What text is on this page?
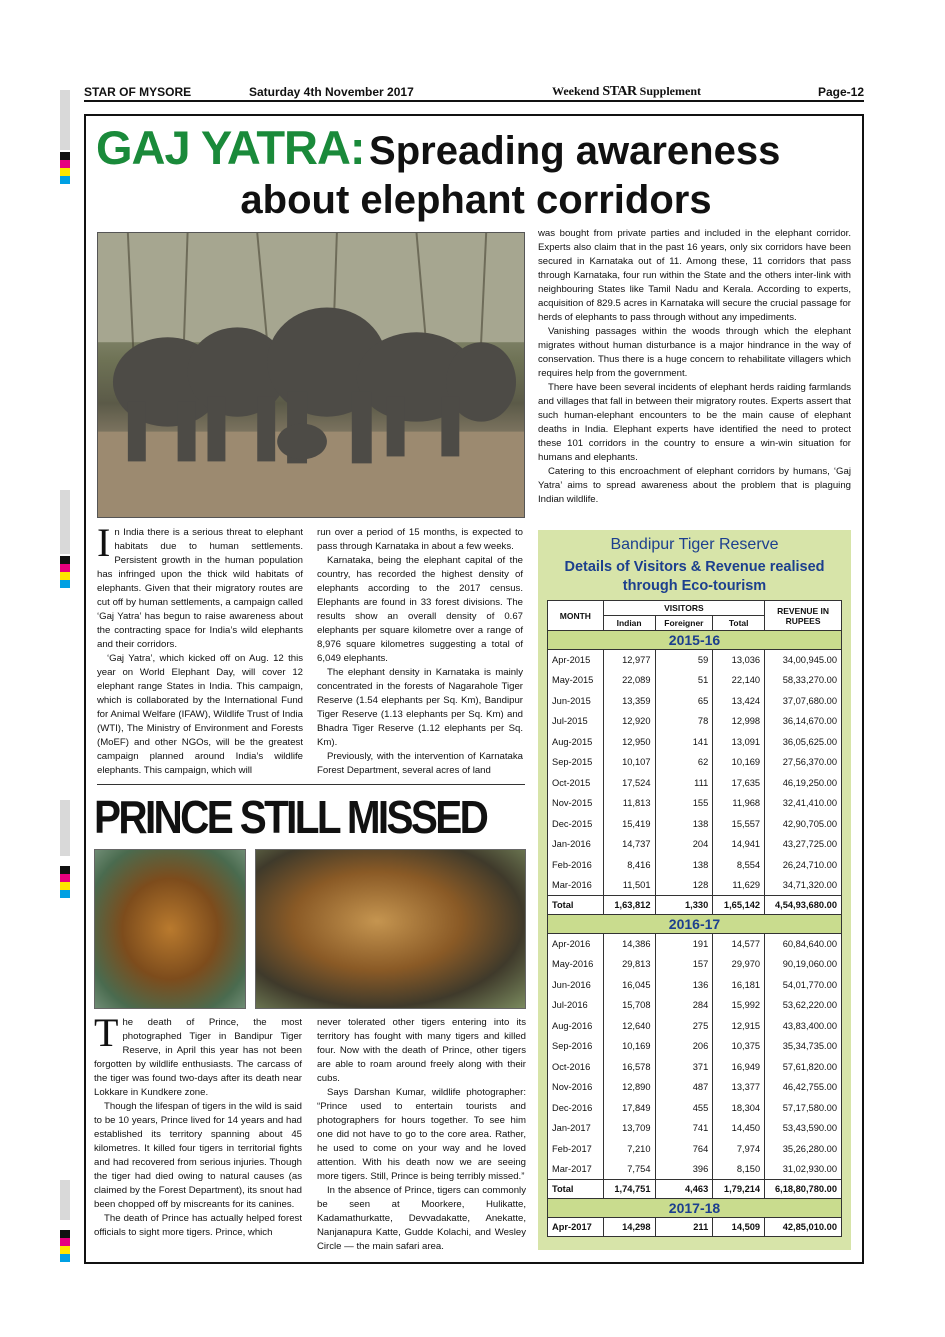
STAR OF MYSORE	Saturday 4th November 2017	Weekend STAR Supplement	Page-12
GAJ YATRA: Spreading awareness
about elephant corridors

In India there is a serious threat to elephant habitats due to human settlements. Persistent growth in the human population has infringed upon the thick wild habitats of elephants. Given that their migratory routes are cut off by human settlements, a campaign called ‘Gaj Yatra’ has begun to raise awareness about the contracting space for India’s wild elephants and their corridors.

‘Gaj Yatra’, which kicked off on Aug. 12 this year on World Elephant Day, will cover 12 elephant range States in India. This campaign, which is collaborated by the International Fund for Animal Welfare (IFAW), Wildlife Trust of India (WTI), The Ministry of Environment and Forests (MoEF) and other NGOs, will be the greatest campaign planned around India’s wildlife elephants. This campaign, which will

run over a period of 15 months, is expected to pass through Karnataka in about a few weeks.

Karnataka, being the elephant capital of the country, has recorded the highest density of elephants according to the 2017 census. Elephants are found in 33 forest divisions. The results show an overall density of 0.67 elephants per square kilometre over a range of 8,976 square kilometres suggesting a total of 6,049 elephants.

The elephant density in Karnataka is mainly concentrated in the forests of Nagarahole Tiger Reserve (1.54 elephants per Sq. Km), Bandipur Tiger Reserve (1.13 elephants per Sq. Km) and Bhadra Tiger Reserve (1.12 elephants per Sq. Km).

Previously, with the intervention of Karnataka Forest Department, several acres of land

was bought from private parties and included in the elephant corridor. Experts also claim that in the past 16 years, only six corridors have been secured in Karnataka out of 11. Among these, 11 corridors that pass through Karnataka, four run within the State and the others inter-link with neighbouring States like Tamil Nadu and Kerala. According to experts, acquisition of 829.5 acres in Karnataka will secure the crucial passage for herds of elephants to pass through without any impediments.

Vanishing passages within the woods through which the elephant migrates without human disturbance is a major hindrance in the way of conservation. Thus there is a huge concern to rehabilitate villagers which requires help from the government.

There have been several incidents of elephant herds raiding farmlands and villages that fall in between their migratory routes. Experts assert that such human-elephant encounters to be the main cause of elephant deaths in India. Elephant experts have identified the need to protect these 101 corridors in the country to ensure a win-win situation for humans and elephants.

Catering to this encroachment of elephant corridors by humans, ‘Gaj Yatra’ aims to spread awareness about the problem that is plaguing Indian wildlife.

PRINCE STILL MISSED

The death of Prince, the most photographed Tiger in Bandipur Tiger Reserve, in April this year has not been forgotten by wildlife enthusiasts. The carcass of the tiger was found two-days after its death near Lokkare in Kundkere zone.

Though the lifespan of tigers in the wild is said to be 10 years, Prince lived for 14 years and had established its territory spanning about 45 kilometres. It killed four tigers in territorial fights and had recovered from serious injuries. Though the tiger had died owing to natural causes (as claimed by the Forest Department), its snout had been chopped off by miscreants for its canines.

The death of Prince has actually helped forest officials to sight more tigers. Prince, which

never tolerated other tigers entering into its territory has fought with many tigers and killed four. Now with the death of Prince, other tigers are able to roam around freely along with their cubs.

Says Darshan Kumar, wildlife photographer: “Prince used to entertain tourists and photographers for hours together. To see him one did not have to go to the core area. Rather, he used to come on your way and he loved attention. With his death now we are seeing more tigers. Still, Prince is being terribly missed.”

In the absence of Prince, tigers can commonly be seen at Moorkere, Hulikatte, Kadamathurkatte, Devvadakatte, Anekatte, Nanjanapura Katte, Gudde Kolachi, and Wesley Circle — the main safari area.

Bandipur Tiger Reserve
Details of Visitors & Revenue realised
through Eco-tourism
MONTH	VISITORS			REVENUE IN RUPEES
	Indian	Foreigner	Total	
2015-16				
Apr-2015	12,977	59	13,036	34,00,945.00
May-2015	22,089	51	22,140	58,33,270.00
Jun-2015	13,359	65	13,424	37,07,680.00
Jul-2015	12,920	78	12,998	36,14,670.00
Aug-2015	12,950	141	13,091	36,05,625.00
Sep-2015	10,107	62	10,169	27,56,370.00
Oct-2015	17,524	111	17,635	46,19,250.00
Nov-2015	11,813	155	11,968	32,41,410.00
Dec-2015	15,419	138	15,557	42,90,705.00
Jan-2016	14,737	204	14,941	43,27,725.00
Feb-2016	8,416	138	8,554	26,24,710.00
Mar-2016	11,501	128	11,629	34,71,320.00
Total	1,63,812	1,330	1,65,142	4,54,93,680.00
2016-17				
Apr-2016	14,386	191	14,577	60,84,640.00
May-2016	29,813	157	29,970	90,19,060.00
Jun-2016	16,045	136	16,181	54,01,770.00
Jul-2016	15,708	284	15,992	53,62,220.00
Aug-2016	12,640	275	12,915	43,83,400.00
Sep-2016	10,169	206	10,375	35,34,735.00
Oct-2016	16,578	371	16,949	57,61,820.00
Nov-2016	12,890	487	13,377	46,42,755.00
Dec-2016	17,849	455	18,304	57,17,580.00
Jan-2017	13,709	741	14,450	53,43,590.00
Feb-2017	7,210	764	7,974	35,26,280.00
Mar-2017	7,754	396	8,150	31,02,930.00
Total	1,74,751	4,463	1,79,214	6,18,80,780.00
2017-18				
Apr-2017	14,298	211	14,509	42,85,010.00
